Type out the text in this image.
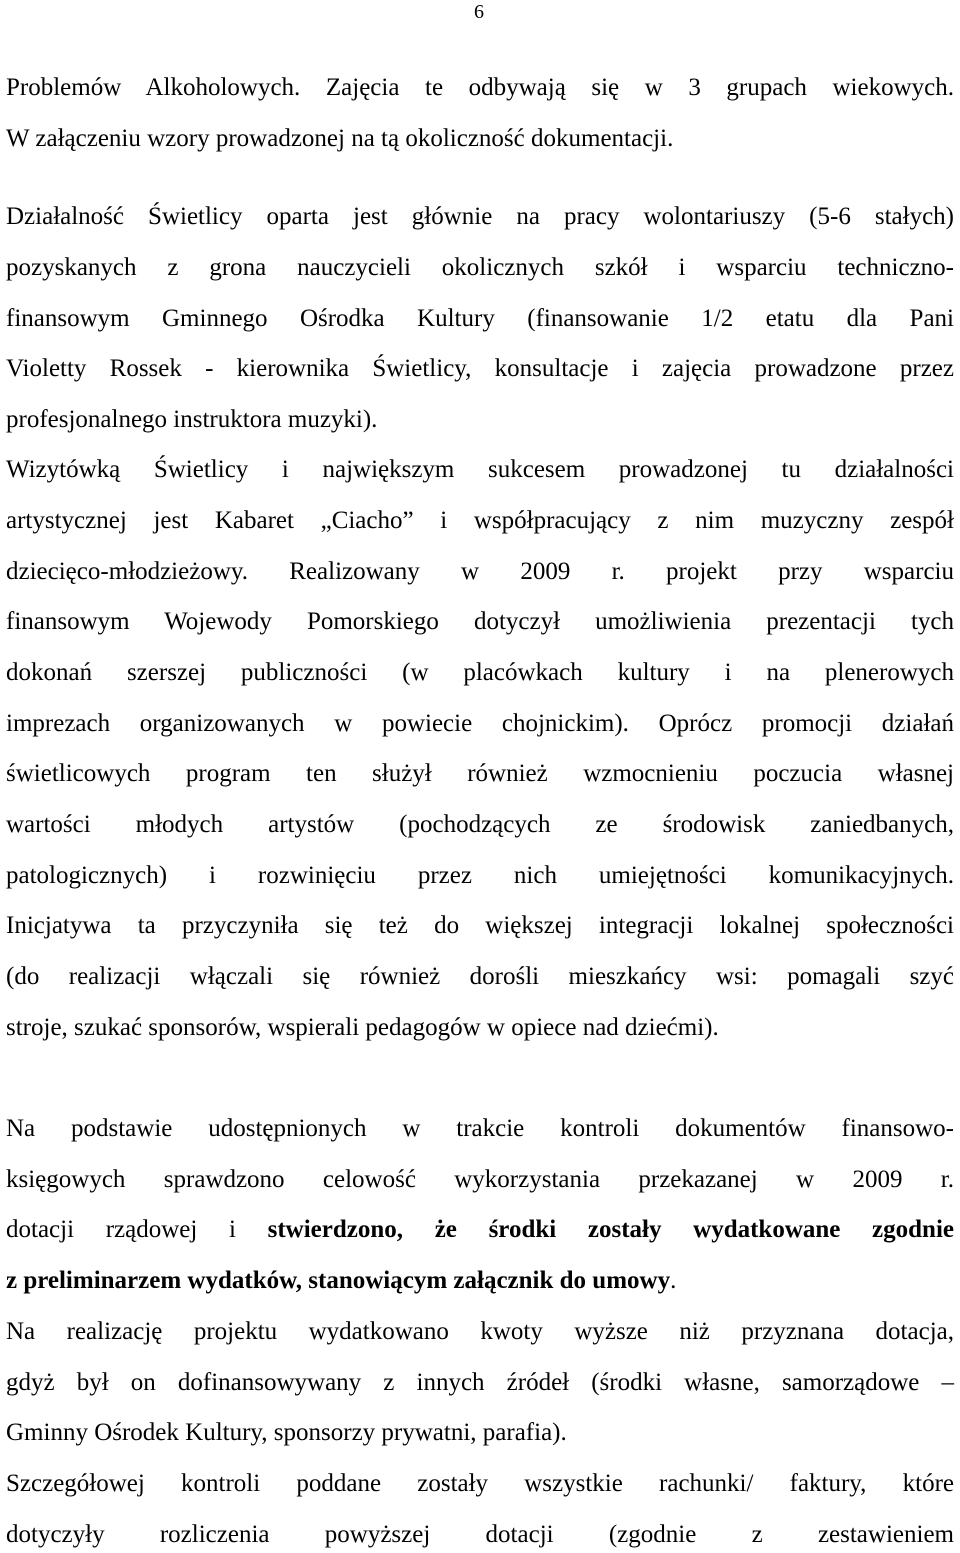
6
Problemów Alkoholowych. Zajęcia te odbywają się w 3 grupach wiekowych.
W załączeniu wzory prowadzonej na tą okoliczność dokumentacji.
Działalność Świetlicy oparta jest głównie na pracy wolontariuszy (5-6 stałych)
pozyskanych z grona nauczycieli okolicznych szkół i wsparciu techniczno-
finansowym Gminnego Ośrodka Kultury (finansowanie 1/2 etatu dla Pani
Violetty Rossek - kierownika Świetlicy, konsultacje i zajęcia prowadzone przez
profesjonalnego instruktora muzyki).
Wizytówką Świetlicy i największym sukcesem prowadzonej tu działalności
artystycznej jest Kabaret „Ciacho” i współpracujący z nim muzyczny zespół
dziecięco-młodzieżowy. Realizowany w 2009 r. projekt przy wsparciu
finansowym Wojewody Pomorskiego dotyczył umożliwienia prezentacji tych
dokonań szerszej publiczności (w placówkach kultury i na plenerowych
imprezach organizowanych w powiecie chojnickim). Oprócz promocji działań
świetlicowych program ten służył również wzmocnieniu poczucia własnej
wartości młodych artystów (pochodzących ze środowisk zaniedbanych,
patologicznych) i rozwinięciu przez nich umiejętności komunikacyjnych.
Inicjatywa ta przyczyniła się też do większej integracji lokalnej społeczności
(do realizacji włączali się również dorośli mieszkańcy wsi: pomagali szyć
stroje, szukać sponsorów, wspierali pedagogów w opiece nad dziećmi).
Na podstawie udostępnionych w trakcie kontroli dokumentów finansowo-
księgowych sprawdzono celowość wykorzystania przekazanej w 2009 r.
dotacji rządowej i stwierdzono, że środki zostały wydatkowane zgodnie
z preliminarzem wydatków, stanowiącym załącznik do umowy.
Na realizację projektu wydatkowano kwoty wyższe niż przyznana dotacja,
gdyż był on dofinansowywany z innych źródeł (środki własne, samorządowe –
Gminny Ośrodek Kultury, sponsorzy prywatni, parafia).
Szczegółowej kontroli poddane zostały wszystkie rachunki/ faktury, które
dotyczyły rozliczenia powyższej dotacji (zgodnie z zestawieniem
